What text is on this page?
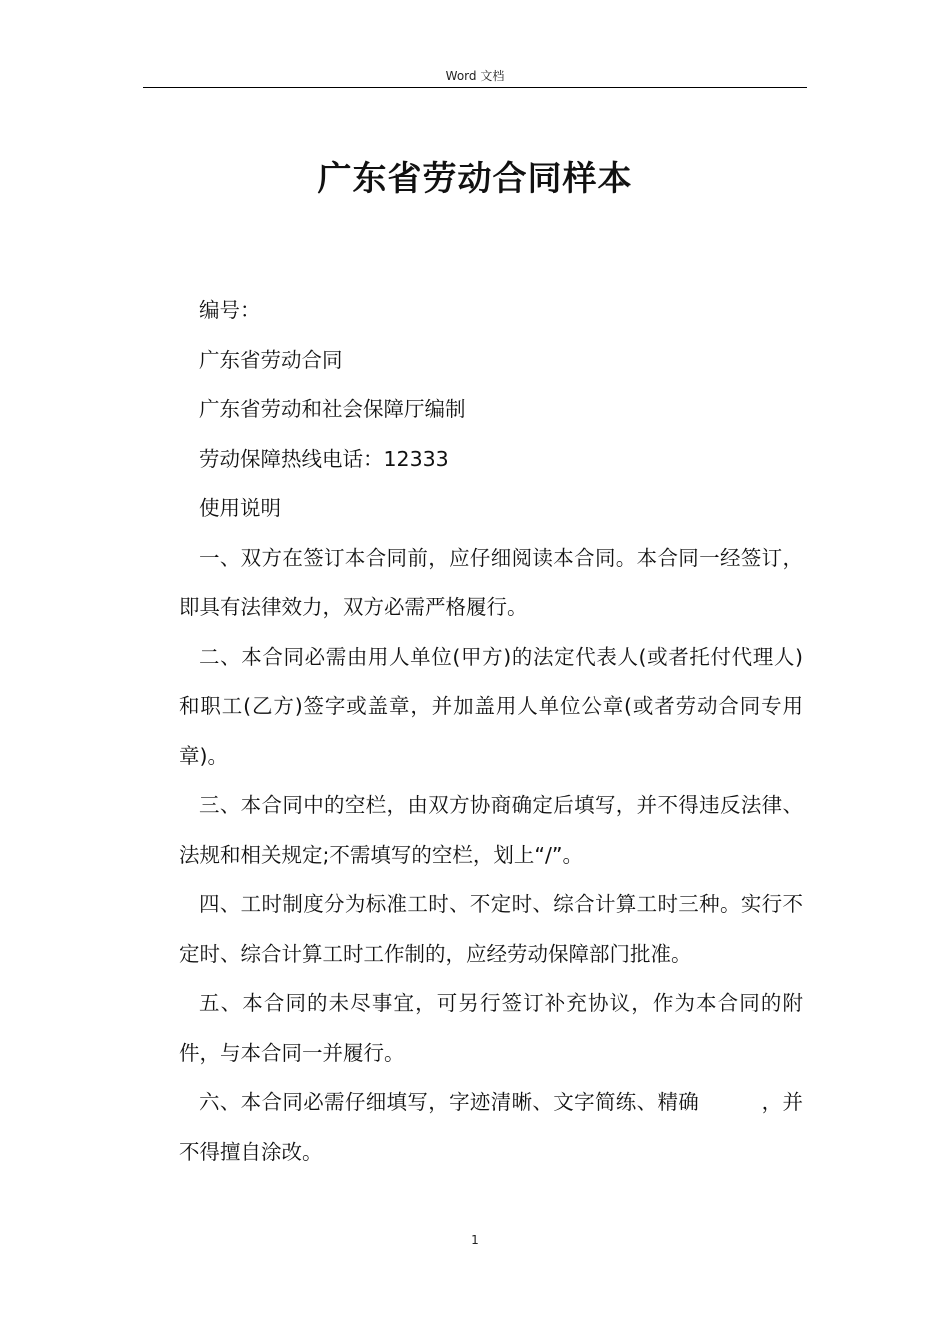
Word 文档
广东省劳动合同样本

编号：

广东省劳动合同

广东省劳动和社会保障厅编制

劳动保障热线电话：12333

使用说明

一、双方在签订本合同前，应仔细阅读本合同。本合同一经签订，即具有法律效力，双方必需严格履行。

二、本合同必需由用人单位(甲方)的法定代表人(或者托付代理人)和职工(乙方)签字或盖章，并加盖用人单位公章(或者劳动合同专用章)。

三、本合同中的空栏，由双方协商确定后填写，并不得违反法律、法规和相关规定;不需填写的空栏，划上“/”。

四、工时制度分为标准工时、不定时、综合计算工时三种。实行不定时、综合计算工时工作制的，应经劳动保障部门批准。

五、本合同的未尽事宜，可另行签订补充协议，作为本合同的附件，与本合同一并履行。

六、本合同必需仔细填写，字迹清晰、文字简练、精确　　　，并不得擅自涂改。

1
